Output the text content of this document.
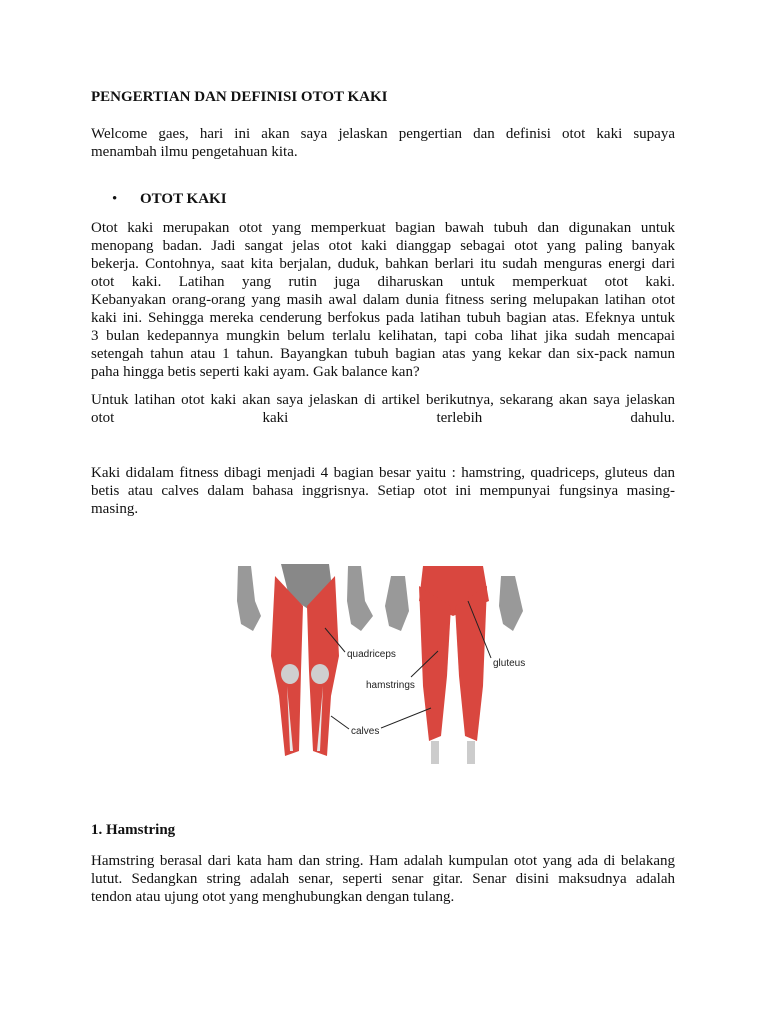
PENGERTIAN DAN DEFINISI OTOT KAKI
Welcome gaes, hari ini akan saya jelaskan pengertian dan definisi otot kaki supaya
menambah ilmu pengetahuan kita.
• OTOT KAKI
Otot kaki merupakan otot yang memperkuat bagian bawah tubuh dan digunakan untuk
menopang badan. Jadi sangat jelas otot kaki dianggap sebagai otot yang paling banyak
bekerja. Contohnya, saat kita berjalan, duduk, bahkan berlari itu sudah menguras energi dari
otot kaki. Latihan yang rutin juga diharuskan untuk memperkuat otot kaki.
Kebanyakan orang-orang yang masih awal dalam dunia fitness sering melupakan latihan otot
kaki ini. Sehingga mereka cenderung berfokus pada latihan tubuh bagian atas. Efeknya untuk
3 bulan kedepannya mungkin belum terlalu kelihatan, tapi coba lihat jika sudah mencapai
setengah tahun atau 1 tahun. Bayangkan tubuh bagian atas yang kekar dan six-pack namun
paha hingga betis seperti kaki ayam. Gak balance kan?
Untuk latihan otot kaki akan saya jelaskan di artikel berikutnya, sekarang akan saya jelaskan
otot kaki terlebih dahulu.
Kaki didalam fitness dibagi menjadi 4 bagian besar yaitu : hamstring, quadriceps, gluteus dan
betis atau calves dalam bahasa inggrisnya. Setiap otot ini mempunyai fungsinya masing-
masing.
quadriceps
hamstrings
calves
gluteus
1. Hamstring
Hamstring berasal dari kata ham dan string. Ham adalah kumpulan otot yang ada di belakang
lutut. Sedangkan string adalah senar, seperti senar gitar. Senar disini maksudnya adalah
tendon atau ujung otot yang menghubungkan dengan tulang.
